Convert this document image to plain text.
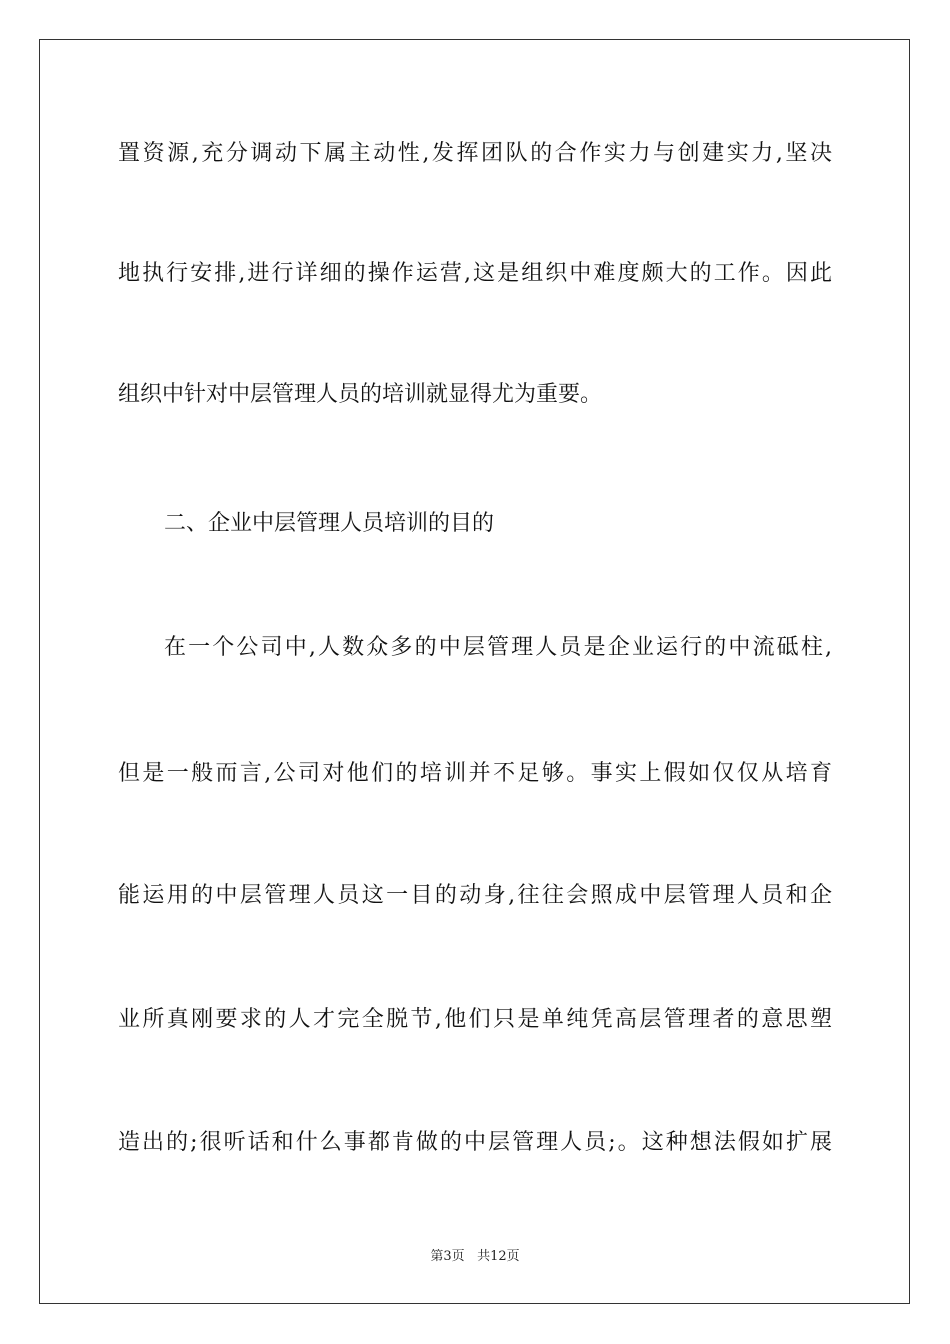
置资源,充分调动下属主动性,发挥团队的合作实力与创建实力,坚决
地执行安排,进行详细的操作运营,这是组织中难度颇大的工作。因此
组织中针对中层管理人员的培训就显得尤为重要。
二、企业中层管理人员培训的目的
在一个公司中,人数众多的中层管理人员是企业运行的中流砥柱,
但是一般而言,公司对他们的培训并不足够。事实上假如仅仅从培育
能运用的中层管理人员这一目的动身,往往会照成中层管理人员和企
业所真刚要求的人才完全脱节,他们只是单纯凭高层管理者的意思塑
造出的;很听话和什么事都肯做的中层管理人员;。这种想法假如扩展
第3页 共12页
